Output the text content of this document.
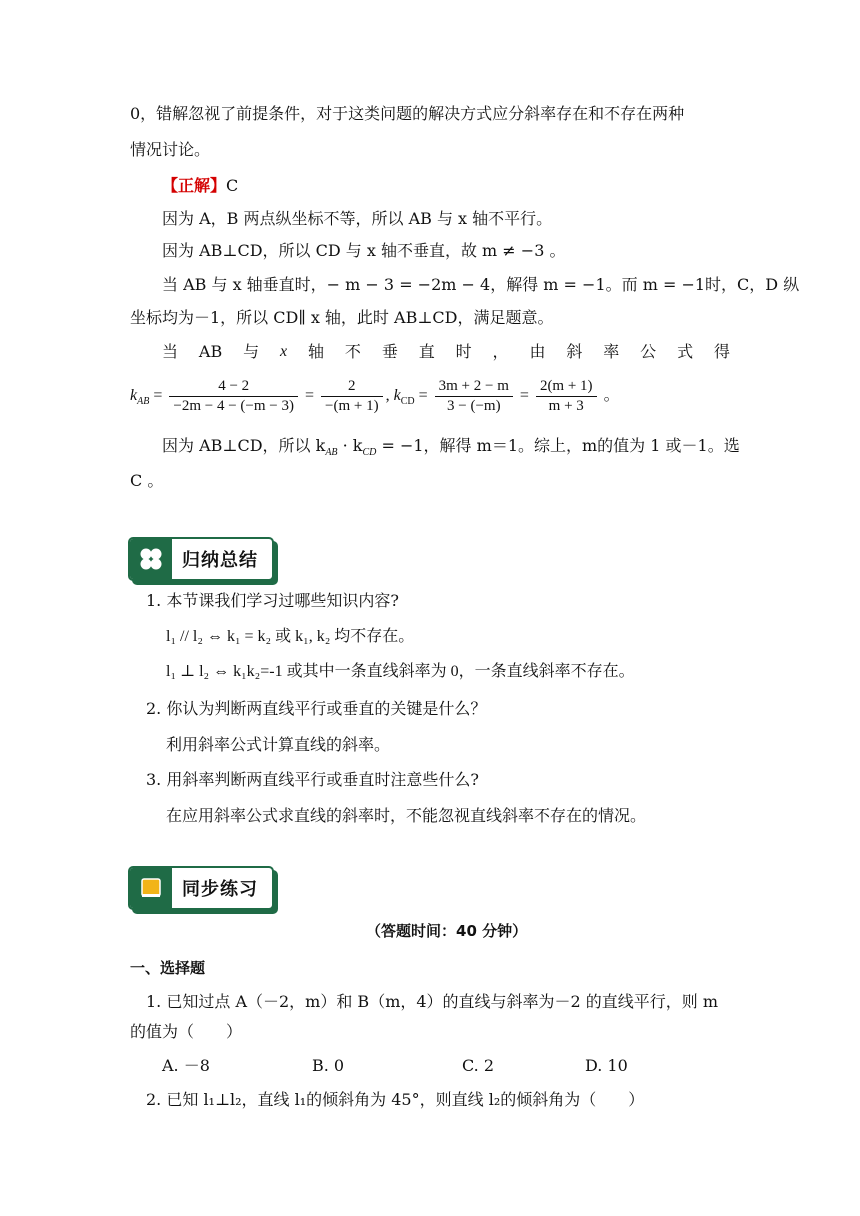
0，错解忽视了前提条件，对于这类问题的解决方式应分斜率存在和不存在两种
情况讨论。
【正解】C
因为 A，B 两点纵坐标不等，所以 AB 与 x 轴不平行。
因为 AB⊥CD，所以 CD 与 x 轴不垂直，故 m ≠ −3 。
当 AB 与 x 轴垂直时，− m − 3 = −2m − 4，解得 m = −1。而 m = −1时，C，D 纵
坐标均为－1，所以 CD∥ x 轴，此时 AB⊥CD，满足题意。
当 AB 与 x 轴 不 垂 直 时 ， 由 斜 率 公 式 得
$k_{AB} = \frac{4 - 2}{-2m - 4 - (-m - 3)} = \frac{2}{-(m + 1)}$ , $k_{CD} = \frac{3m + 2 - m}{3 - (-m)} = \frac{2(m + 1)}{m + 3}$ 。
因为 AB⊥CD，所以 $k_{AB} \cdot k_{CD} = -1$，解得 m＝1。综上，m的值为 1 或－1。选
C 。
归纳总结
1. 本节课我们学习过哪些知识内容?
l₁ // l₂ ⇔ k₁ = k₂ 或 k₁, k₂ 均不存在。
l₁ ⊥ l₂ ⇔ k₁k₂=-1 或其中一条直线斜率为 0，一条直线斜率不存在。
2. 你认为判断两直线平行或垂直的关键是什么？
利用斜率公式计算直线的斜率。
3. 用斜率判断两直线平行或垂直时注意些什么?
在应用斜率公式求直线的斜率时，不能忽视直线斜率不存在的情况。
同步练习
（答题时间：40 分钟）
一、选择题
1. 已知过点 A（－2，m）和 B（m，4）的直线与斜率为－2 的直线平行，则 m
的值为（　　）
A. －8	B. 0	C. 2	D. 10
2. 已知 l₁⊥l₂，直线 l₁的倾斜角为 45°，则直线 l₂的倾斜角为（　　）
